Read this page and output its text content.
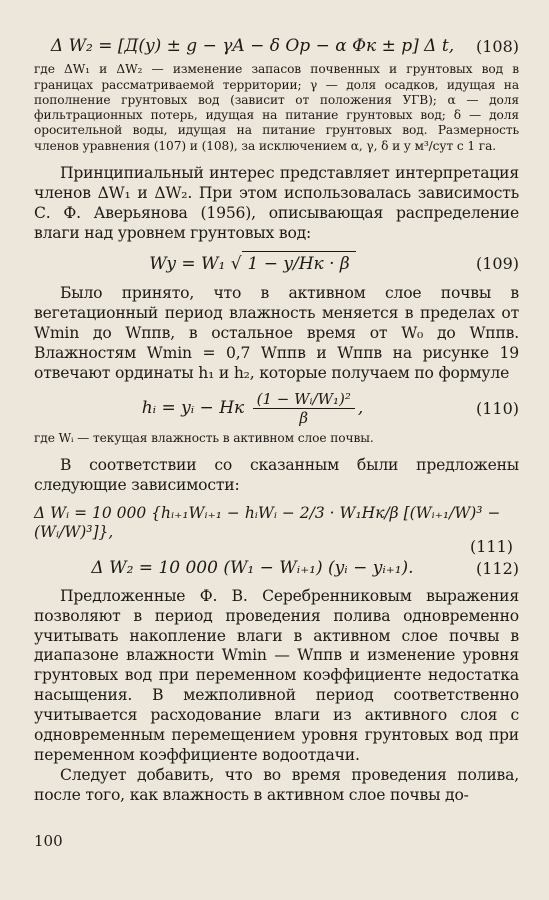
Δ W₂ = [Д(y) ± g − γA − δ Op − α Φк ± p] Δ t,	(108)

где ΔW₁ и ΔW₂ — изменение запасов почвенных и грунтовых вод в границах рассматриваемой территории; γ — доля осадков, идущая на пополнение грунтовых вод (зависит от положения УГВ); α — доля фильтрационных потерь, идущая на питание грунтовых вод; δ — доля оросительной воды, идущая на питание грунтовых вод. Размерность членов уравнения (107) и (108), за исключением α, γ, δ и y м³/сут с 1 га.

Принципиальный интерес представляет интерпретация членов ΔW₁ и ΔW₂. При этом использовалась зависимость С. Ф. Аверьянова (1956), описывающая распределение влаги над уровнем грунтовых вод:

Wy = W₁ √ 1 − y/Hк · β	(109)

Было принято, что в активном слое почвы в вегетационный период влажность меняется в пределах от Wmin до Wппв, в остальное время от W₀ до Wппв. Влажностям Wmin = 0,7 Wппв и Wппв на рисунке 19 отвечают ординаты h₁ и h₂, которые получаем по формуле

hᵢ = yᵢ − Hк $\frac{\text{(1 − Wᵢ/W₁)²}}{\beta}$ ,	(110)

где Wᵢ — текущая влажность в активном слое почвы.

В соответствии со сказанным были предложены следующие зависимости:

Δ Wᵢ = 10 000 {hᵢ₊₁Wᵢ₊₁ − hᵢWᵢ − 2/3 · W₁Hк/β [(Wᵢ₊₁/W)³ − (Wᵢ/W)³]},
(111)
Δ W₂ = 10 000 (W₁ − Wᵢ₊₁) (yᵢ − yᵢ₊₁).	(112)

Предложенные Ф. В. Серебренниковым выражения позволяют в период проведения полива одновременно учитывать накопление влаги в активном слое почвы в диапазоне влажности Wmin — Wппв и изменение уровня грунтовых вод при переменном коэффициенте недостатка насыщения. В межполивной период соответственно учитывается расходование влаги из активного слоя с одновременным перемещением уровня грунтовых вод при переменном коэффициенте водоотдачи.

Следует добавить, что во время проведения полива, после того, как влажность в активном слое почвы до-

100
